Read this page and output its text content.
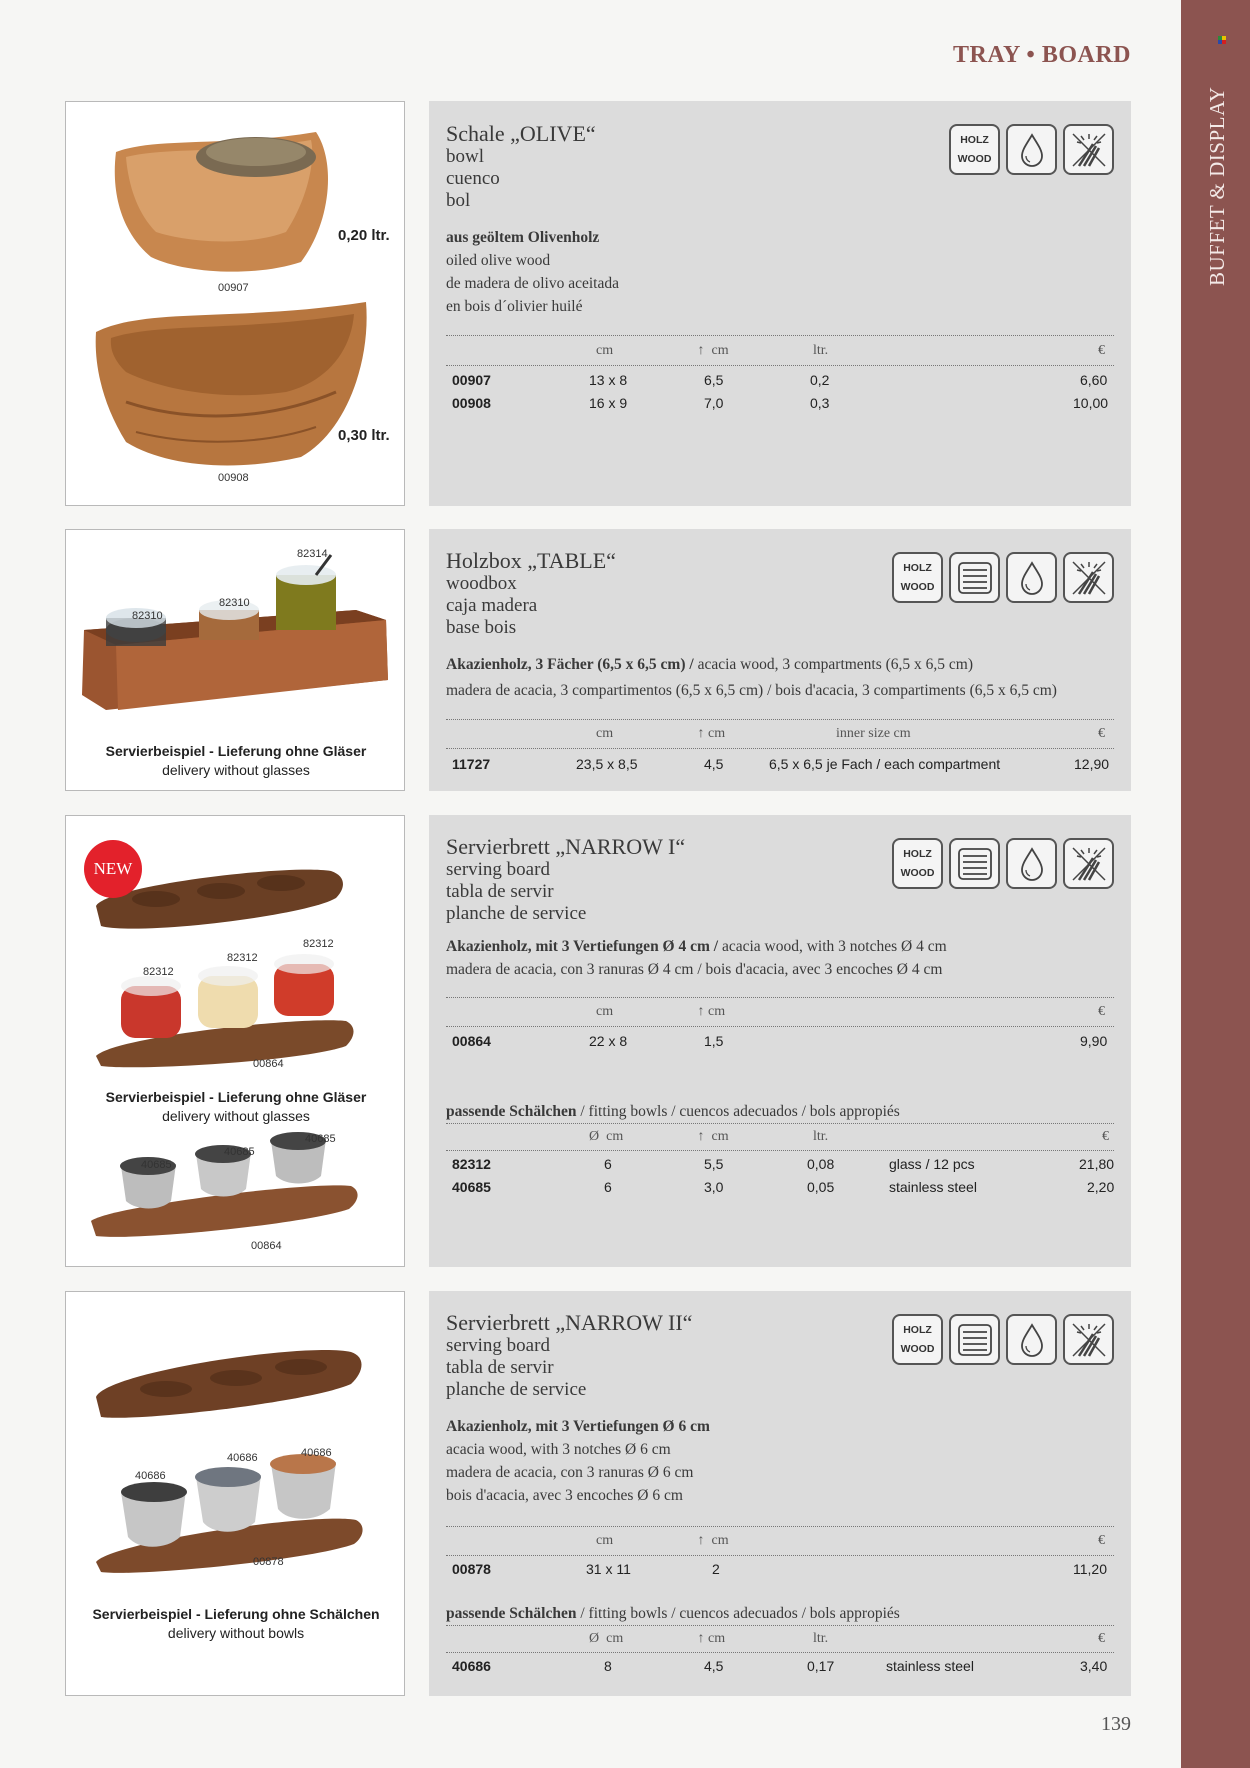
BUFFET & DISPLAY
TRAY • BOARD
00907
0,20 ltr.
00908
0,30 ltr.
Schale „OLIVE“
bowl
cuenco
bol
aus geöltem Olivenholz
oiled olive wood
de madera de olivo aceitada
en bois d´olivier huilé
HOLZ
WOOD
cm	↑ cm	ltr.	€
00907	13 x 8	6,5	0,2	6,60
00908	16 x 9	7,0	0,3	10,00
82310
82310
82314
Servierbeispiel - Lieferung ohne Gläser
delivery without glasses
Holzbox „TABLE“
woodbox
caja madera
base bois
Akazienholz, 3 Fächer (6,5 x 6,5 cm) / acacia wood, 3 compartments (6,5 x 6,5 cm)
madera de acacia, 3 compartimentos (6,5 x 6,5 cm) / bois d'acacia, 3 compartiments (6,5 x 6,5 cm)
HOLZ
WOOD
cm	↑ cm	inner size cm	€
11727	23,5 x 8,5	4,5	6,5 x 6,5 je Fach / each compartment	12,90
NEW
82312
82312
82312
00864
Servierbeispiel - Lieferung ohne Gläser
delivery without glasses
40685
40685
40685
00864
Servierbrett „NARROW I“
serving board
tabla de servir
planche de service
Akazienholz, mit 3 Vertiefungen Ø 4 cm / acacia wood, with 3 notches Ø 4 cm
madera de acacia, con 3 ranuras Ø 4 cm / bois d'acacia, avec 3 encoches Ø 4 cm
HOLZ
WOOD
cm	↑ cm	€
00864	22 x 8	1,5	9,90
passende Schälchen / fitting bowls / cuencos adecuados / bols appropiés
Ø  cm	↑ cm	ltr.	€
82312	6	5,5	0,08	glass / 12 pcs	21,80
40685	6	3,0	0,05	stainless steel	2,20
40686
40686	40686
00878
Servierbeispiel - Lieferung ohne Schälchen
delivery without bowls
Servierbrett „NARROW II“
serving board
tabla de servir
planche de service
Akazienholz, mit 3 Vertiefungen Ø 6 cm
acacia wood, with 3 notches Ø 6 cm
madera de acacia, con 3 ranuras Ø 6 cm
bois d'acacia, avec 3 encoches Ø 6 cm
HOLZ
WOOD
cm	↑ cm	€
00878	31 x 11	2	11,20
passende Schälchen / fitting bowls / cuencos adecuados / bols appropiés
Ø  cm	↑ cm	ltr.	€
40686	8	4,5	0,17	stainless steel	3,40
139
